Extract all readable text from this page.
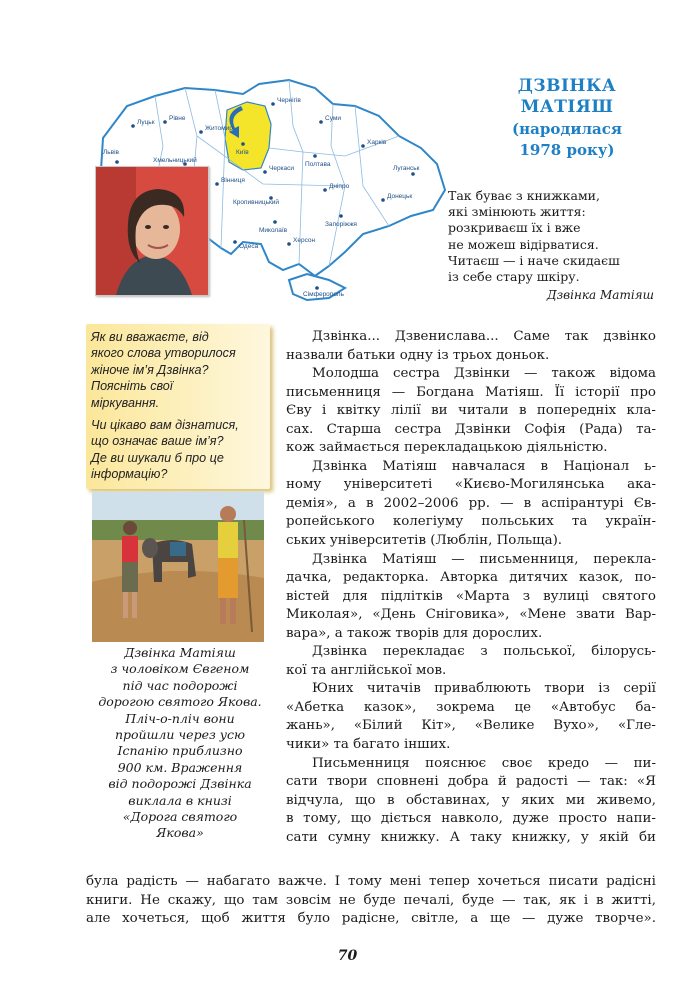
Луцьк
Рівне
Житомир
Київ
Чернігів
Суми
Харків
Полтава
Черкаси
Кропивницький
Дніпро
Луганськ
Донецьк
Запоріжжя
Миколаїв
Херсон
Одеса
Вінниця
Хмельницький
Львів
Сімферополь
ДЗВІНКА
МАТІЯШ
(народилася
1978 року)
Так буває з книжками,
які змінюють життя:
розкриваєш їх і вже
не можеш відірватися.
Читаєш — і наче скидаєш
із себе стару шкіру.
Дзвінка Матіяш

Як ви вважаєте, від
якого слова утворилося
жіноче ім’я Дзвінка?
Поясніть свої
міркування.

Чи цікаво вам дізнатися,
що означає ваше ім’я?
Де ви шукали б про це
інформацію?

Дзвінка Матіяш
з чоловіком Євгеном
під час подорожі
дорогою святого Якова.
Пліч-о-пліч вони
пройшли через усю
Іспанію приблизно
900 км. Враження
від подорожі Дзвінка
виклала в книзі
«Дорога святого
Якова»
Дзвінка... Дзвенислава... Саме так дзвінко
назвали батьки одну із трьох доньок.
Молодша сестра Дзвінки — також відома
письменниця — Богдана Матіяш. Її історії про
Єву і квітку лілії ви читали в попередніх кла-
сах. Старша сестра Дзвінки Софія (Рада) та-
кож займається перекладацькою діяльністю.
Дзвінка Матіяш навчалася в Націонал ь-
ному університеті «Києво-Могилянська ака-
демія», а в 2002–2006 рр. — в аспірантурі Єв-
ропейського колегіуму польських та україн-
ських університетів (Люблін, Польща).
Дзвінка Матіяш — письменниця, перекла-
дачка, редакторка. Авторка дитячих казок, по-
вістей для підлітків «Марта з вулиці святого
Миколая», «День Сніговика», «Мене звати Вар-
вара», а також творів для дорослих.
Дзвінка перекладає з польської, білорусь-
кої та англійської мов.
Юних читачів приваблюють твори із серії
«Абетка казок», зокрема це «Автобус ба-
жань», «Білий Кіт», «Велике Вухо», «Гле-
чики» та багато інших.
Письменниця пояснює своє кредо — пи-
сати твори сповнені добра й радості — так: «Я
відчула, що в обставинах, у яких ми живемо,
в тому, що діється навколо, дуже просто напи-
сати сумну книжку. А таку книжку, у якій би
була радість — набагато важче. І тому мені тепер хочеться писати радісні
книги. Не скажу, що там зовсім не буде печалі, буде — так, як і в житті,
але хочеться, щоб життя було радісне, світле, а ще — дуже творче».
70
